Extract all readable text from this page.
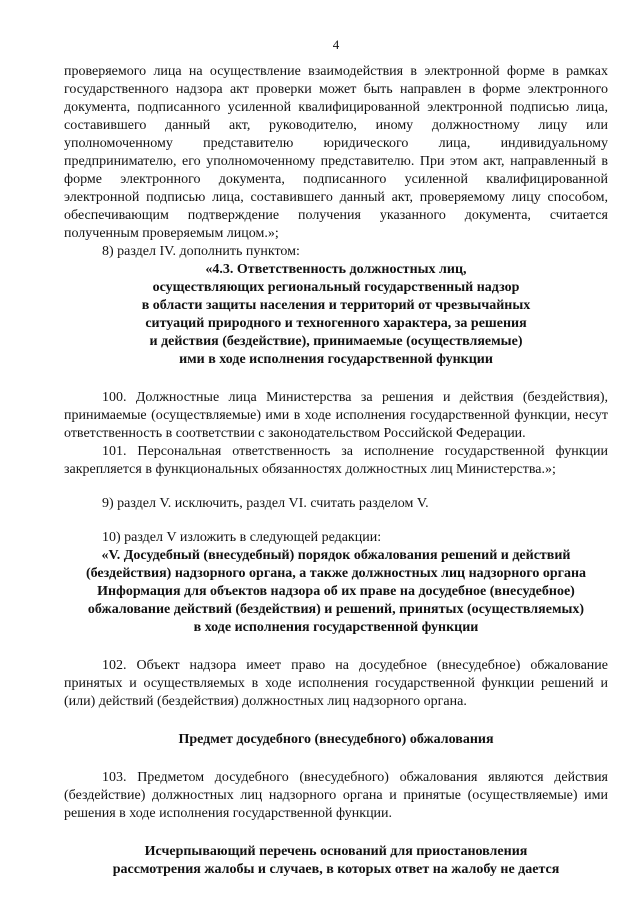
4

проверяемого лица на осуществление взаимодействия в электронной форме в рамках государственного надзора акт проверки может быть направлен в форме электронного документа, подписанного усиленной квалифицированной электронной подписью лица, составившего данный акт, руководителю, иному должностному лицу или уполномоченному представителю юридического лица, индивидуальному предпринимателю, его уполномоченному представителю. При этом акт, направленный в форме электронного документа, подписанного усиленной квалифицированной электронной подписью лица, составившего данный акт, проверяемому лицу способом, обеспечивающим подтверждение получения указанного документа, считается полученным проверяемым лицом.»;

8) раздел IV. дополнить пунктом:

«4.3. Ответственность должностных лиц,
осуществляющих региональный государственный надзор
в области защиты населения и территорий от чрезвычайных
ситуаций природного и техногенного характера, за решения
и действия (бездействие), принимаемые (осуществляемые)
ими в ходе исполнения государственной функции

100. Должностные лица Министерства за решения и действия (бездействия), принимаемые (осуществляемые) ими в ходе исполнения государственной функции, несут ответственность в соответствии с законодательством Российской Федерации.

101. Персональная ответственность за исполнение государственной функции закрепляется в функциональных обязанностях должностных лиц Министерства.»;

9) раздел V. исключить, раздел VI. считать разделом V.

10) раздел V изложить в следующей редакции:

«V. Досудебный (внесудебный) порядок обжалования решений и действий
(бездействия) надзорного органа, а также должностных лиц надзорного органа
Информация для объектов надзора об их праве на досудебное (внесудебное)
обжалование действий (бездействия) и решений, принятых (осуществляемых)
в ходе исполнения государственной функции

102. Объект надзора имеет право на досудебное (внесудебное) обжалование принятых и осуществляемых в ходе исполнения государственной функции решений и (или) действий (бездействия) должностных лиц надзорного органа.

Предмет досудебного (внесудебного) обжалования

103. Предметом досудебного (внесудебного) обжалования являются действия (бездействие) должностных лиц надзорного органа и принятые (осуществляемые) ими решения в ходе исполнения государственной функции.

Исчерпывающий перечень оснований для приостановления
рассмотрения жалобы и случаев, в которых ответ на жалобу не дается
